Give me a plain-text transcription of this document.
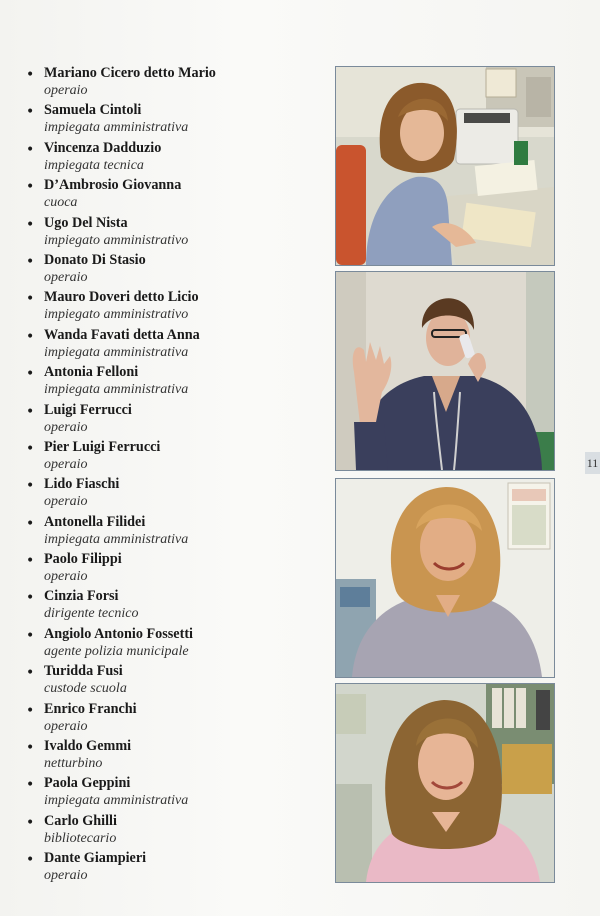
• Mariano Cicero detto Mario
operaio
• Samuela Cintoli
impiegata amministrativa
• Vincenza Dadduzio
impiegata tecnica
• D’Ambrosio Giovanna
cuoca
• Ugo Del Nista
impiegato amministrativo
• Donato Di Stasio
operaio
• Mauro Doveri detto Licio
impiegato amministrativo
• Wanda Favati detta Anna
impiegata amministrativa
• Antonia Felloni
impiegata amministrativa
• Luigi Ferrucci
operaio
• Pier Luigi Ferrucci
operaio
• Lido Fiaschi
operaio
• Antonella Filidei
impiegata amministrativa
• Paolo Filippi
operaio
• Cinzia Forsi
dirigente tecnico
• Angiolo Antonio Fossetti
agente polizia municipale
• Turidda Fusi
custode scuola
• Enrico Franchi
operaio
• Ivaldo Gemmi
netturbino
• Paola Geppini
impiegata amministrativa
• Carlo Ghilli
bibliotecario
• Dante Giampieri
operaio
11
